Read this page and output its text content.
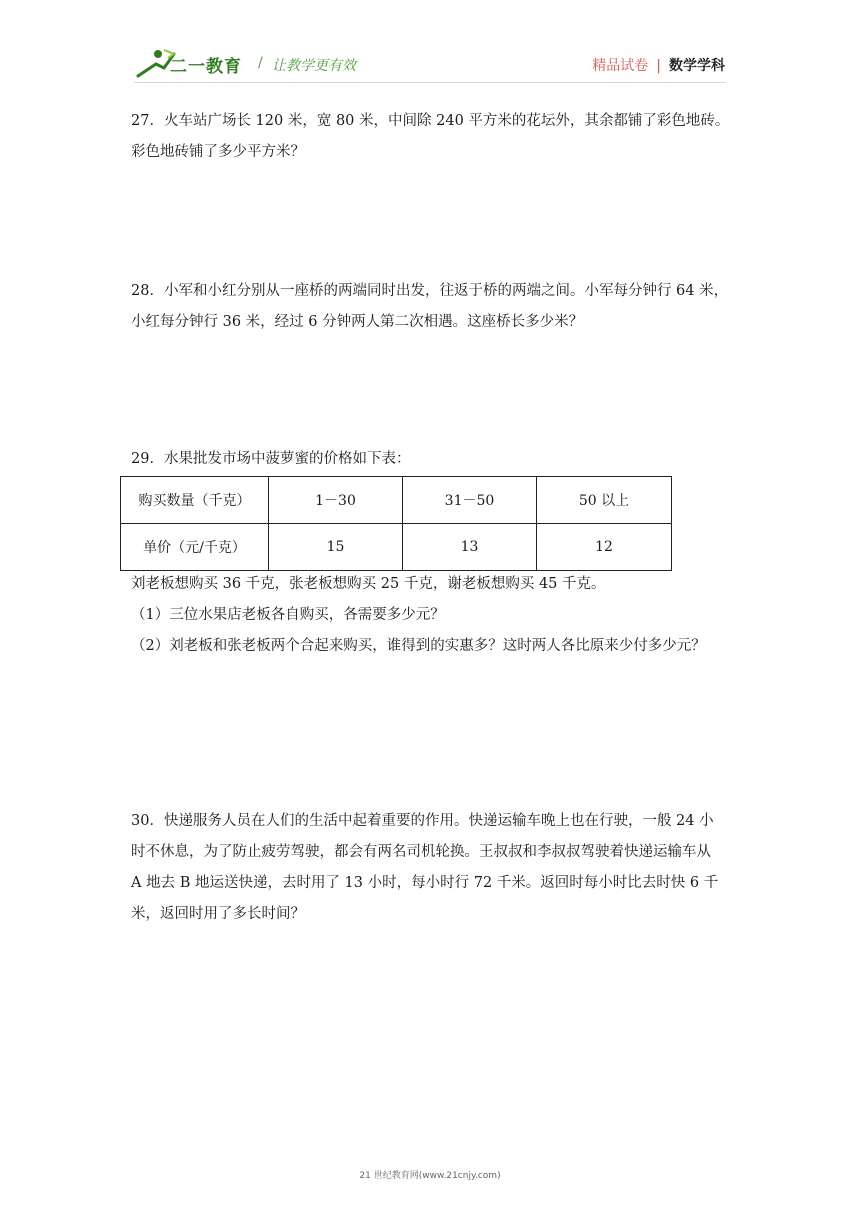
二一教育 / 让教学更有效	精品试卷 | 数学学科

27．火车站广场长 120 米，宽 80 米，中间除 240 平方米的花坛外，其余都铺了彩色地砖。

彩色地砖铺了多少平方米？

28．小军和小红分别从一座桥的两端同时出发，往返于桥的两端之间。小军每分钟行 64 米，

小红每分钟行 36 米，经过 6 分钟两人第二次相遇。这座桥长多少米？

29．水果批发市场中菠萝蜜的价格如下表：

购买数量（千克）	1－30	31－50	50 以上
单价（元/千克）	15	13	12

刘老板想购买 36 千克，张老板想购买 25 千克，谢老板想购买 45 千克。

（1）三位水果店老板各自购买，各需要多少元？

（2）刘老板和张老板两个合起来购买，谁得到的实惠多？这时两人各比原来少付多少元？

30．快递服务人员在人们的生活中起着重要的作用。快递运输车晚上也在行驶，一般 24 小

时不休息，为了防止疲劳驾驶，都会有两名司机轮换。王叔叔和李叔叔驾驶着快递运输车从

A 地去 B 地运送快递，去时用了 13 小时，每小时行 72 千米。返回时每小时比去时快 6 千

米，返回时用了多长时间？

21 世纪教育网(www.21cnjy.com)
